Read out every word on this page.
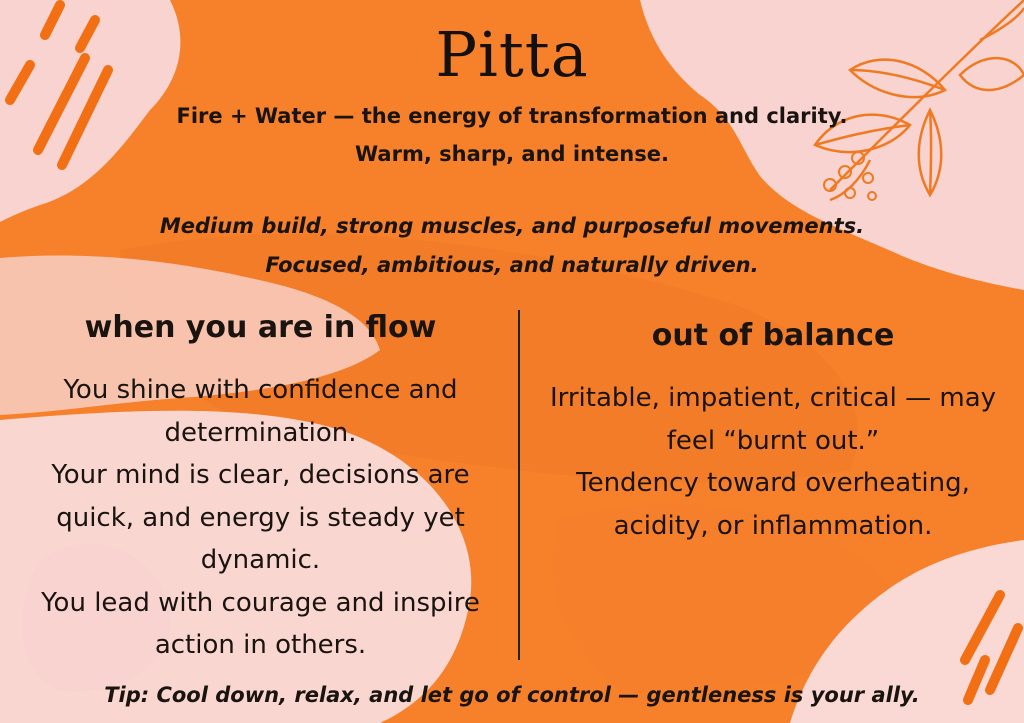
Pitta
Fire + Water — the energy of transformation and clarity.
Warm, sharp, and intense.
Medium build, strong muscles, and purposeful movements.
Focused, ambitious, and naturally driven.
when you are in flow
You shine with confidence and
determination.
Your mind is clear, decisions are
quick, and energy is steady yet
dynamic.
You lead with courage and inspire
action in others.
out of balance
Irritable, impatient, critical — may
feel “burnt out.”
Tendency toward overheating,
acidity, or inflammation.
Tip: Cool down, relax, and let go of control — gentleness is your ally.
